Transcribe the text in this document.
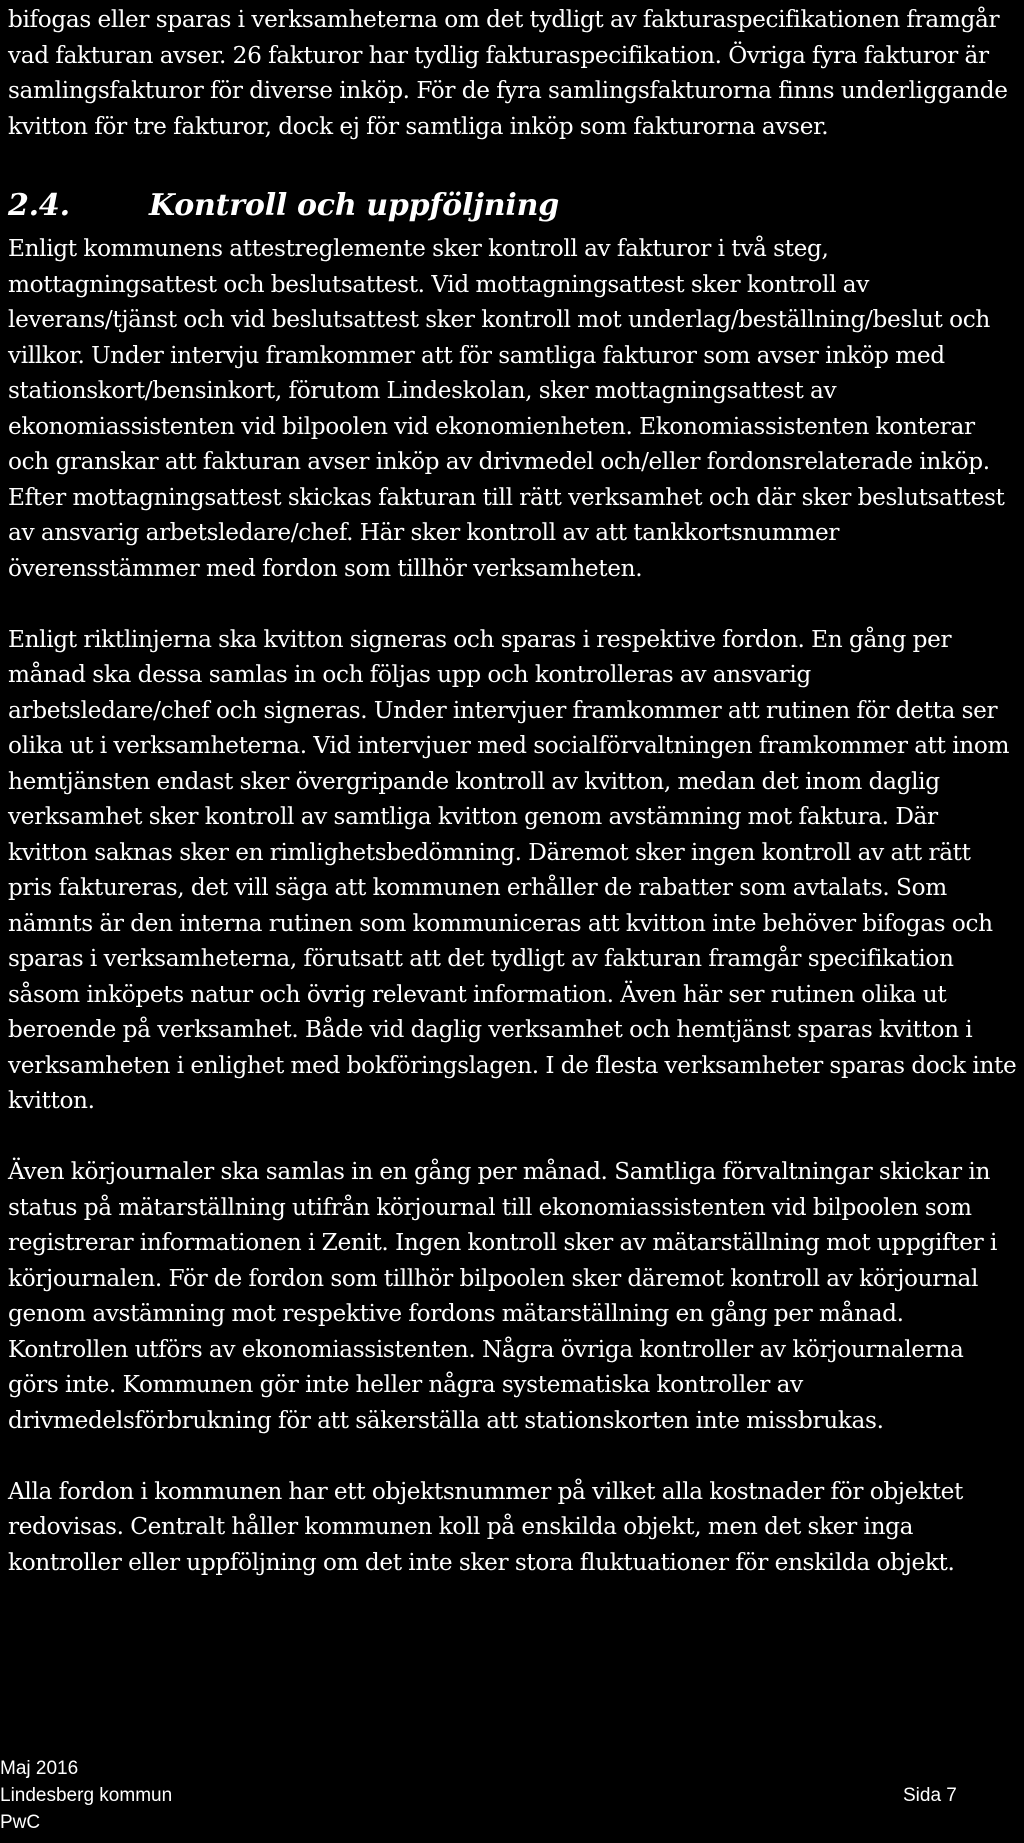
bifogas eller sparas i verksamheterna om det tydligt av fakturaspecifikationen framgår vad fakturan avser. 26 fakturor har tydlig fakturaspecifikation. Övriga fyra fakturor är samlingsfakturor för diverse inköp. För de fyra samlingsfakturorna finns underliggande kvitton för tre fakturor, dock ej för samtliga inköp som fakturorna avser.

2.4.	Kontroll och uppföljning

Enligt kommunens attestreglemente sker kontroll av fakturor i två steg, mottagningsattest och beslutsattest. Vid mottagningsattest sker kontroll av leverans/tjänst och vid beslutsattest sker kontroll mot underlag/beställning/beslut och villkor. Under intervju framkommer att för samtliga fakturor som avser inköp med stationskort/bensinkort, förutom Lindeskolan, sker mottagningsattest av ekonomiassistenten vid bilpoolen vid ekonomienheten. Ekonomiassistenten konterar och granskar att fakturan avser inköp av drivmedel och/eller fordonsrelaterade inköp. Efter mottagningsattest skickas fakturan till rätt verksamhet och där sker beslutsattest av ansvarig arbetsledare/chef. Här sker kontroll av att tankkortsnummer överensstämmer med fordon som tillhör verksamheten.

Enligt riktlinjerna ska kvitton signeras och sparas i respektive fordon. En gång per månad ska dessa samlas in och följas upp och kontrolleras av ansvarig arbetsledare/chef och signeras. Under intervjuer framkommer att rutinen för detta ser olika ut i verksamheterna. Vid intervjuer med socialförvaltningen framkommer att inom hemtjänsten endast sker övergripande kontroll av kvitton, medan det inom daglig verksamhet sker kontroll av samtliga kvitton genom avstämning mot faktura. Där kvitton saknas sker en rimlighetsbedömning. Däremot sker ingen kontroll av att rätt pris faktureras, det vill säga att kommunen erhåller de rabatter som avtalats. Som nämnts är den interna rutinen som kommuniceras att kvitton inte behöver bifogas och sparas i verksamheterna, förutsatt att det tydligt av fakturan framgår specifikation såsom inköpets natur och övrig relevant information. Även här ser rutinen olika ut beroende på verksamhet. Både vid daglig verksamhet och hemtjänst sparas kvitton i verksamheten i enlighet med bokföringslagen. I de flesta verksamheter sparas dock inte kvitton.

Även körjournaler ska samlas in en gång per månad. Samtliga förvaltningar skickar in status på mätarställning utifrån körjournal till ekonomiassistenten vid bilpoolen som registrerar informationen i Zenit. Ingen kontroll sker av mätarställning mot uppgifter i körjournalen. För de fordon som tillhör bilpoolen sker däremot kontroll av körjournal genom avstämning mot respektive fordons mätarställning en gång per månad. Kontrollen utförs av ekonomiassistenten. Några övriga kontroller av körjournalerna görs inte. Kommunen gör inte heller några systematiska kontroller av drivmedelsförbrukning för att säkerställa att stationskorten inte missbrukas.

Alla fordon i kommunen har ett objektsnummer på vilket alla kostnader för objektet redovisas. Centralt håller kommunen koll på enskilda objekt, men det sker inga kontroller eller uppföljning om det inte sker stora fluktuationer för enskilda objekt.

Maj 2016
Lindesberg kommun
PwC
Sida 7
